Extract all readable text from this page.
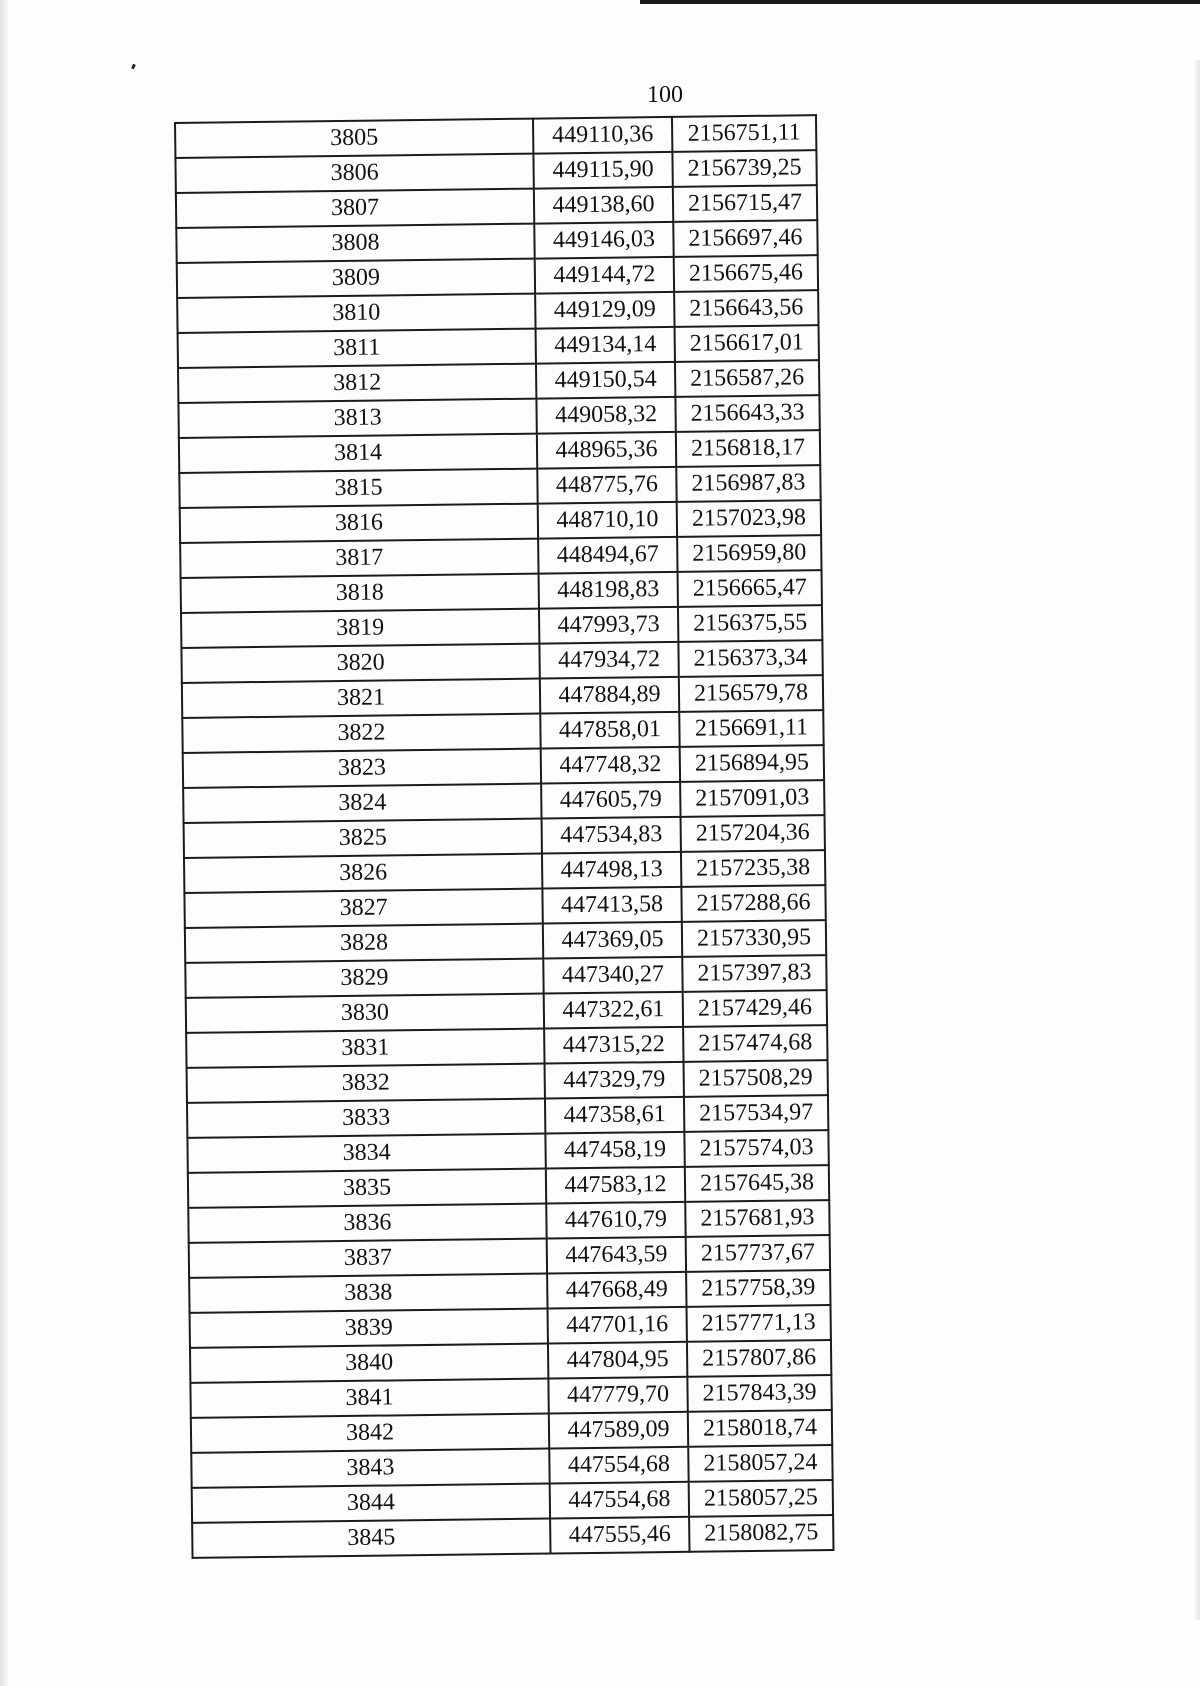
100
3805	449110,36	2156751,11
3806	449115,90	2156739,25
3807	449138,60	2156715,47
3808	449146,03	2156697,46
3809	449144,72	2156675,46
3810	449129,09	2156643,56
3811	449134,14	2156617,01
3812	449150,54	2156587,26
3813	449058,32	2156643,33
3814	448965,36	2156818,17
3815	448775,76	2156987,83
3816	448710,10	2157023,98
3817	448494,67	2156959,80
3818	448198,83	2156665,47
3819	447993,73	2156375,55
3820	447934,72	2156373,34
3821	447884,89	2156579,78
3822	447858,01	2156691,11
3823	447748,32	2156894,95
3824	447605,79	2157091,03
3825	447534,83	2157204,36
3826	447498,13	2157235,38
3827	447413,58	2157288,66
3828	447369,05	2157330,95
3829	447340,27	2157397,83
3830	447322,61	2157429,46
3831	447315,22	2157474,68
3832	447329,79	2157508,29
3833	447358,61	2157534,97
3834	447458,19	2157574,03
3835	447583,12	2157645,38
3836	447610,79	2157681,93
3837	447643,59	2157737,67
3838	447668,49	2157758,39
3839	447701,16	2157771,13
3840	447804,95	2157807,86
3841	447779,70	2157843,39
3842	447589,09	2158018,74
3843	447554,68	2158057,24
3844	447554,68	2158057,25
3845	447555,46	2158082,75
